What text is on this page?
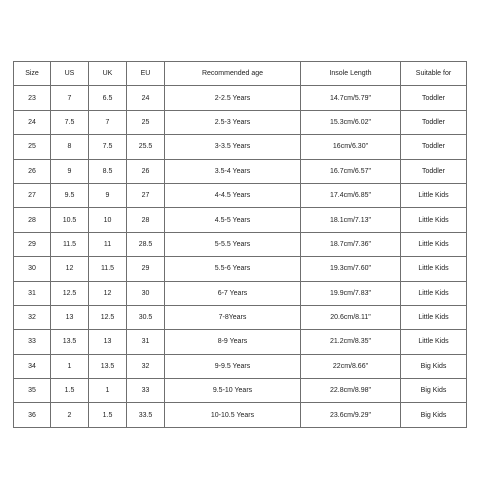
Size	US	UK	EU	Recommended age	Insole Length	Suitable for
23	7	6.5	24	2-2.5 Years	14.7cm/5.79"	Toddler
24	7.5	7	25	2.5-3 Years	15.3cm/6.02"	Toddler
25	8	7.5	25.5	3-3.5 Years	16cm/6.30"	Toddler
26	9	8.5	26	3.5-4 Years	16.7cm/6.57"	Toddler
27	9.5	9	27	4-4.5 Years	17.4cm/6.85"	Little Kids
28	10.5	10	28	4.5-5 Years	18.1cm/7.13"	Little Kids
29	11.5	11	28.5	5-5.5 Years	18.7cm/7.36"	Little Kids
30	12	11.5	29	5.5-6 Years	19.3cm/7.60"	Little Kids
31	12.5	12	30	6-7 Years	19.9cm/7.83"	Little Kids
32	13	12.5	30.5	7-8Years	20.6cm/8.11"	Little Kids
33	13.5	13	31	8-9 Years	21.2cm/8.35"	Little Kids
34	1	13.5	32	9-9.5 Years	22cm/8.66"	Big Kids
35	1.5	1	33	9.5-10 Years	22.8cm/8.98"	Big Kids
36	2	1.5	33.5	10-10.5 Years	23.6cm/9.29"	Big Kids
